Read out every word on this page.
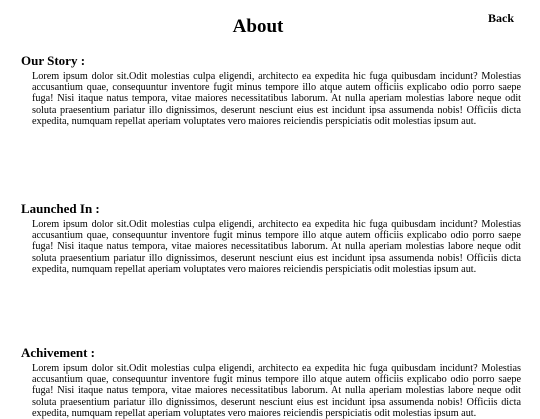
Back
About
Our Story :

Lorem ipsum dolor sit.Odit molestias culpa eligendi, architecto ea expedita hic fuga quibusdam incidunt? Molestias accusantium quae, consequuntur inventore fugit minus tempore illo atque autem officiis explicabo odio porro saepe fuga! Nisi itaque natus tempora, vitae maiores necessitatibus laborum. At nulla aperiam molestias labore neque odit soluta praesentium pariatur illo dignissimos, deserunt nesciunt eius est incidunt ipsa assumenda nobis! Officiis dicta expedita, numquam repellat aperiam voluptates vero maiores reiciendis perspiciatis odit molestias ipsum aut.

Launched In :

Lorem ipsum dolor sit.Odit molestias culpa eligendi, architecto ea expedita hic fuga quibusdam incidunt? Molestias accusantium quae, consequuntur inventore fugit minus tempore illo atque autem officiis explicabo odio porro saepe fuga! Nisi itaque natus tempora, vitae maiores necessitatibus laborum. At nulla aperiam molestias labore neque odit soluta praesentium pariatur illo dignissimos, deserunt nesciunt eius est incidunt ipsa assumenda nobis! Officiis dicta expedita, numquam repellat aperiam voluptates vero maiores reiciendis perspiciatis odit molestias ipsum aut.

Achivement :

Lorem ipsum dolor sit.Odit molestias culpa eligendi, architecto ea expedita hic fuga quibusdam incidunt? Molestias accusantium quae, consequuntur inventore fugit minus tempore illo atque autem officiis explicabo odio porro saepe fuga! Nisi itaque natus tempora, vitae maiores necessitatibus laborum. At nulla aperiam molestias labore neque odit soluta praesentium pariatur illo dignissimos, deserunt nesciunt eius est incidunt ipsa assumenda nobis! Officiis dicta expedita, numquam repellat aperiam voluptates vero maiores reiciendis perspiciatis odit molestias ipsum aut.
